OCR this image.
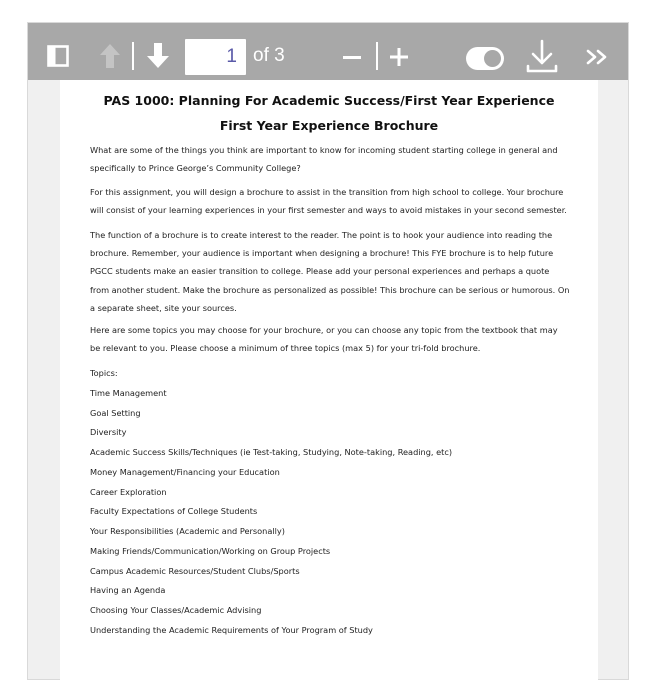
1 of 3
PAS 1000: Planning For Academic Success/First Year Experience
First Year Experience Brochure
What are some of the things you think are important to know for incoming student starting college in general and specifically to Prince George’s Community College?
For this assignment, you will design a brochure to assist in the transition from high school to college. Your brochure will consist of your learning experiences in your first semester and ways to avoid mistakes in your second semester.
The function of a brochure is to create interest to the reader. The point is to hook your audience into reading the brochure. Remember, your audience is important when designing a brochure! This FYE brochure is to help future PGCC students make an easier transition to college. Please add your personal experiences and perhaps a quote from another student. Make the brochure as personalized as possible! This brochure can be serious or humorous. On a separate sheet, site your sources.
Here are some topics you may choose for your brochure, or you can choose any topic from the textbook that may be relevant to you. Please choose a minimum of three topics (max 5) for your tri-fold brochure.
Topics:
Time Management
Goal Setting
Diversity
Academic Success Skills/Techniques (ie Test-taking, Studying, Note-taking, Reading, etc)
Money Management/Financing your Education
Career Exploration
Faculty Expectations of College Students
Your Responsibilities (Academic and Personally)
Making Friends/Communication/Working on Group Projects
Campus Academic Resources/Student Clubs/Sports
Having an Agenda
Choosing Your Classes/Academic Advising
Understanding the Academic Requirements of Your Program of Study
